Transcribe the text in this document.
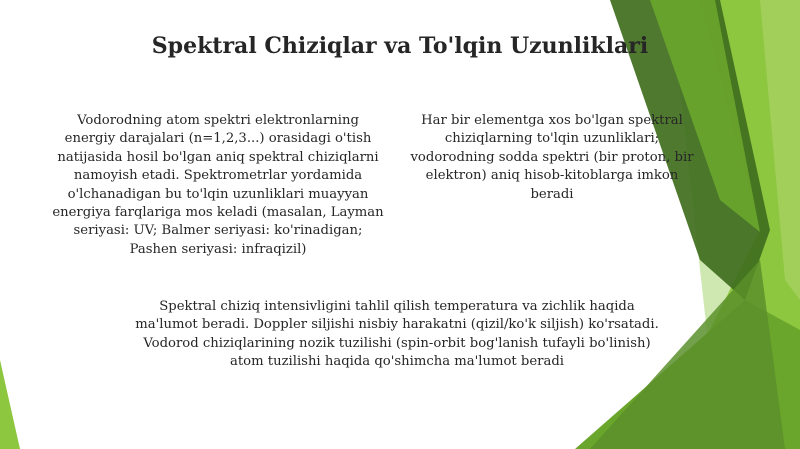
Spektral Chiziqlar va To'lqin Uzunliklari

Vodorodning atom spektri elektronlarning energiy darajalari (n=1,2,3...) orasidagi o'tish natijasida hosil bo'lgan aniq spektral chiziqlarni namoyish etadi. Spektrometrlar yordamida o'lchanadigan bu to'lqin uzunliklari muayyan energiya farqlariga mos keladi (masalan, Layman seriyasi: UV; Balmer seriyasi: ko'rinadigan; Pashen seriyasi: infraqizil)

Har bir elementga xos bo'lgan spektral chiziqlarning to'lqin uzunliklari; vodorodning sodda spektri (bir proton, bir elektron) aniq hisob-kitoblarga imkon beradi

Spektral chiziq intensivligini tahlil qilish temperatura va zichlik haqida ma'lumot beradi. Doppler siljishi nisbiy harakatni (qizil/ko'k siljish) ko'rsatadi. Vodorod chiziqlarining nozik tuzilishi (spin-orbit bog'lanish tufayli bo'linish) atom tuzilishi haqida qo'shimcha ma'lumot beradi
